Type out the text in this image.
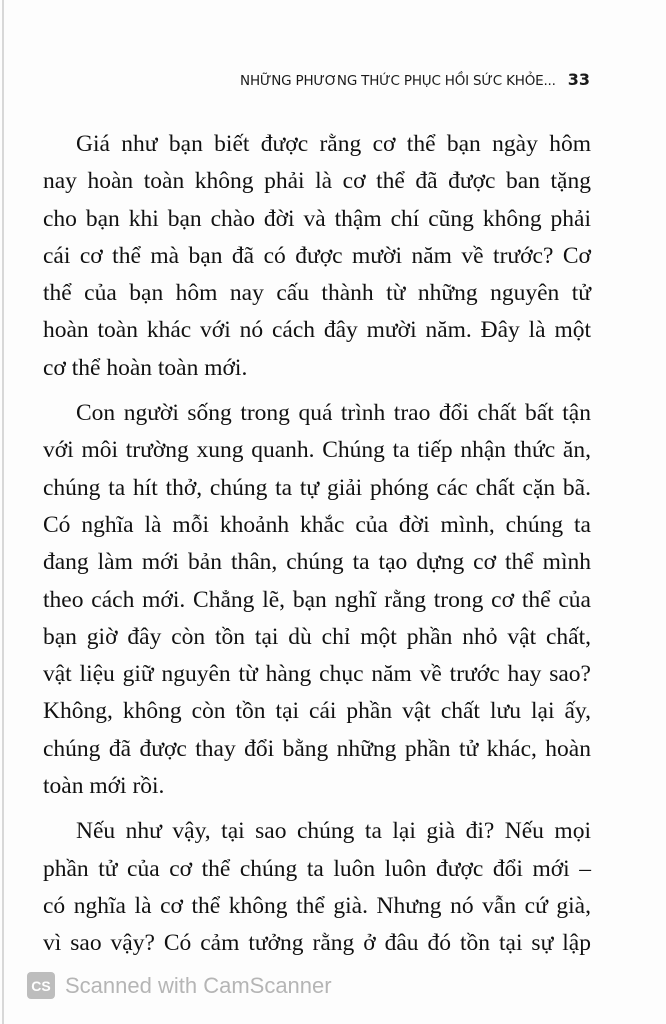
NHỮNG PHƯƠNG THỨC PHỤC HỒI SỨC KHỎE... 33
Giá như bạn biết được rằng cơ thể bạn ngày hôm
nay hoàn toàn không phải là cơ thể đã được ban tặng
cho bạn khi bạn chào đời và thậm chí cũng không phải
cái cơ thể mà bạn đã có được mười năm về trước? Cơ
thể của bạn hôm nay cấu thành từ những nguyên tử
hoàn toàn khác với nó cách đây mười năm. Đây là một
cơ thể hoàn toàn mới.
Con người sống trong quá trình trao đổi chất bất tận
với môi trường xung quanh. Chúng ta tiếp nhận thức ăn,
chúng ta hít thở, chúng ta tự giải phóng các chất cặn bã.
Có nghĩa là mỗi khoảnh khắc của đời mình, chúng ta
đang làm mới bản thân, chúng ta tạo dựng cơ thể mình
theo cách mới. Chẳng lẽ, bạn nghĩ rằng trong cơ thể của
bạn giờ đây còn tồn tại dù chỉ một phần nhỏ vật chất,
vật liệu giữ nguyên từ hàng chục năm về trước hay sao?
Không, không còn tồn tại cái phần vật chất lưu lại ấy,
chúng đã được thay đổi bằng những phần tử khác, hoàn
toàn mới rồi.
Nếu như vậy, tại sao chúng ta lại già đi? Nếu mọi
phần tử của cơ thể chúng ta luôn luôn được đổi mới –
có nghĩa là cơ thể không thể già. Nhưng nó vẫn cứ già,
vì sao vậy? Có cảm tưởng rằng ở đâu đó tồn tại sự lập
CS Scanned with CamScanner
